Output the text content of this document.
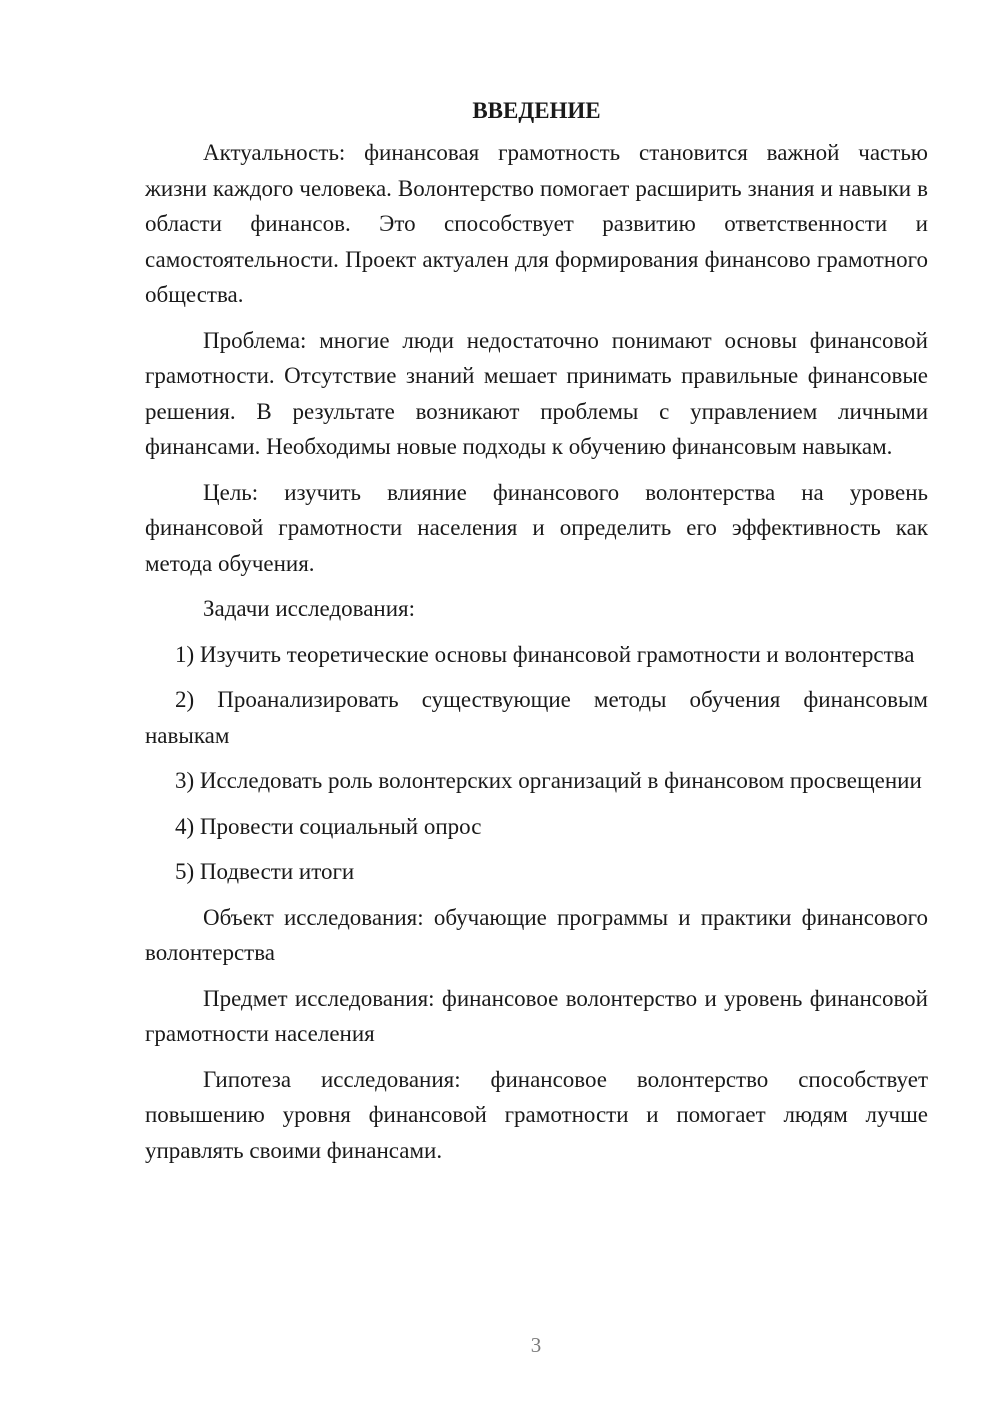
ВВЕДЕНИЕ

Актуальность: финансовая грамотность становится важной частью жизни каждого человека. Волонтерство помогает расширить знания и навыки в области финансов. Это способствует развитию ответственности и самостоятельности. Проект актуален для формирования финансово грамотного общества.

Проблема: многие люди недостаточно понимают основы финансовой грамотности. Отсутствие знаний мешает принимать правильные финансовые решения. В результате возникают проблемы с управлением личными финансами. Необходимы новые подходы к обучению финансовым навыкам.

Цель: изучить влияние финансового волонтерства на уровень финансовой грамотности населения и определить его эффективность как метода обучения.

Задачи исследования:

1) Изучить теоретические основы финансовой грамотности и волонтерства

2) Проанализировать существующие методы обучения финансовым навыкам

3) Исследовать роль волонтерских организаций в финансовом просвещении

4) Провести социальный опрос

5) Подвести итоги

Объект исследования: обучающие программы и практики финансового волонтерства

Предмет исследования: финансовое волонтерство и уровень финансовой грамотности населения

Гипотеза исследования: финансовое волонтерство способствует повышению уровня финансовой грамотности и помогает людям лучше управлять своими финансами.

3
